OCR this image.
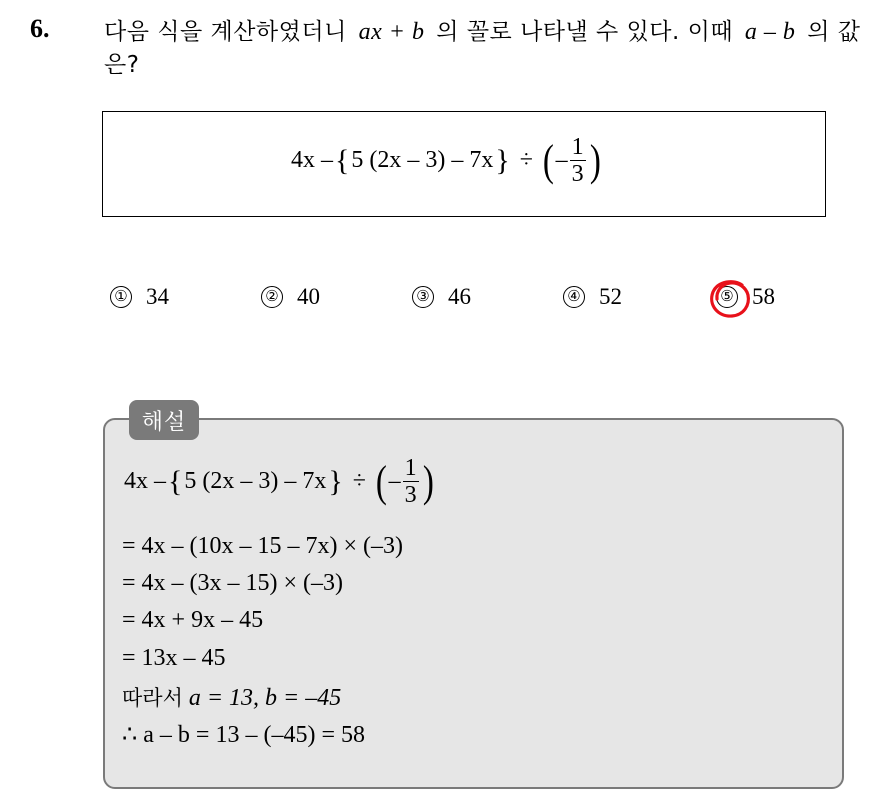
6. 다음 식을 계산하였더니 ax + b 의 꼴로 나타낼 수 있다. 이때 a – b 의 값은?
4x – { 5 (2x – 3) – 7x } ÷ ( – $\frac{1}{3}$ )
① 34	② 40	③ 46	④ 52	⑤ 58
해설
4x – { 5 (2x – 3) – 7x } ÷ ( – $\frac{1}{3}$ )
= 4x – (10x – 15 – 7x) × (–3)
= 4x – (3x – 15) × (–3)
= 4x + 9x – 45
= 13x – 45
따라서 a = 13, b = –45
∴ a – b = 13 – (–45) = 58
